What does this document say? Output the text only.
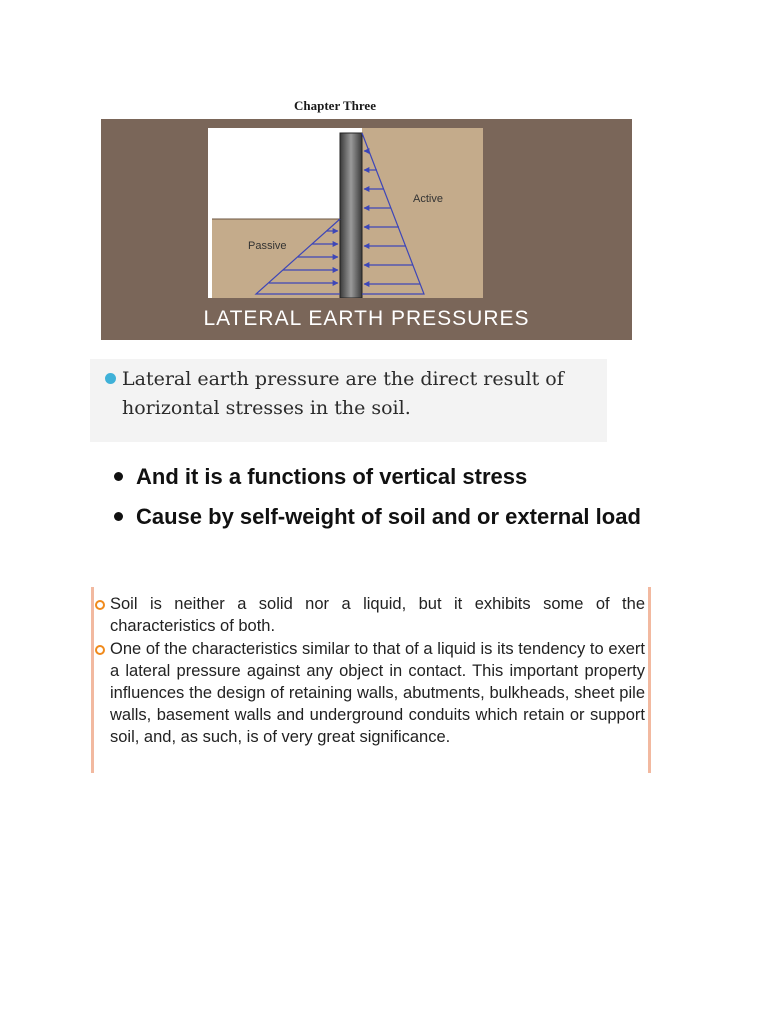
Chapter Three
Active
Passive
LATERAL EARTH PRESSURES
Lateral earth pressure are the direct result of horizontal stresses in the soil.
And it is a functions of vertical stress
Cause by self-weight of soil and or external load
Soil is neither a solid nor a liquid, but it exhibits some of the characteristics of both.
One of the characteristics similar to that of a liquid is its tendency to exert a lateral pressure against any object in contact. This important property influences the design of retaining walls, abutments, bulkheads, sheet pile walls, basement walls and underground conduits which retain or support soil, and, as such, is of very great significance.
